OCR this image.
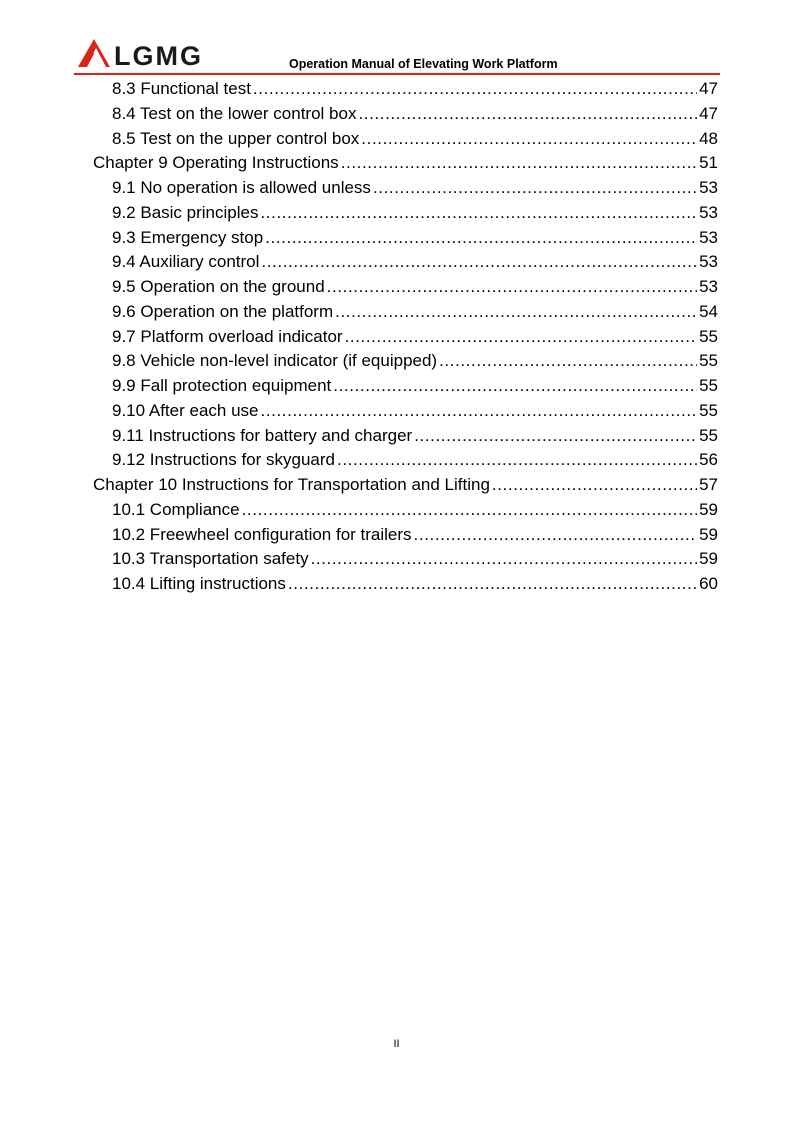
LGMG	Operation Manual of Elevating Work Platform
8.3 Functional test .....	47
8.4 Test on the lower control box .....	47
8.5 Test on the upper control box .....	48
Chapter 9 Operating Instructions .....	51
9.1 No operation is allowed unless .....	53
9.2 Basic principles .....	53
9.3 Emergency stop .....	53
9.4 Auxiliary control .....	53
9.5 Operation on the ground .....	53
9.6 Operation on the platform .....	54
9.7 Platform overload indicator .....	55
9.8 Vehicle non-level indicator (if equipped) .....	55
9.9 Fall protection equipment .....	55
9.10 After each use .....	55
9.11 Instructions for battery and charger .....	55
9.12 Instructions for skyguard .....	56
Chapter 10 Instructions for Transportation and Lifting .....	57
10.1 Compliance .....	59
10.2 Freewheel configuration for trailers .....	59
10.3 Transportation safety .....	59
10.4 Lifting instructions .....	60
II
